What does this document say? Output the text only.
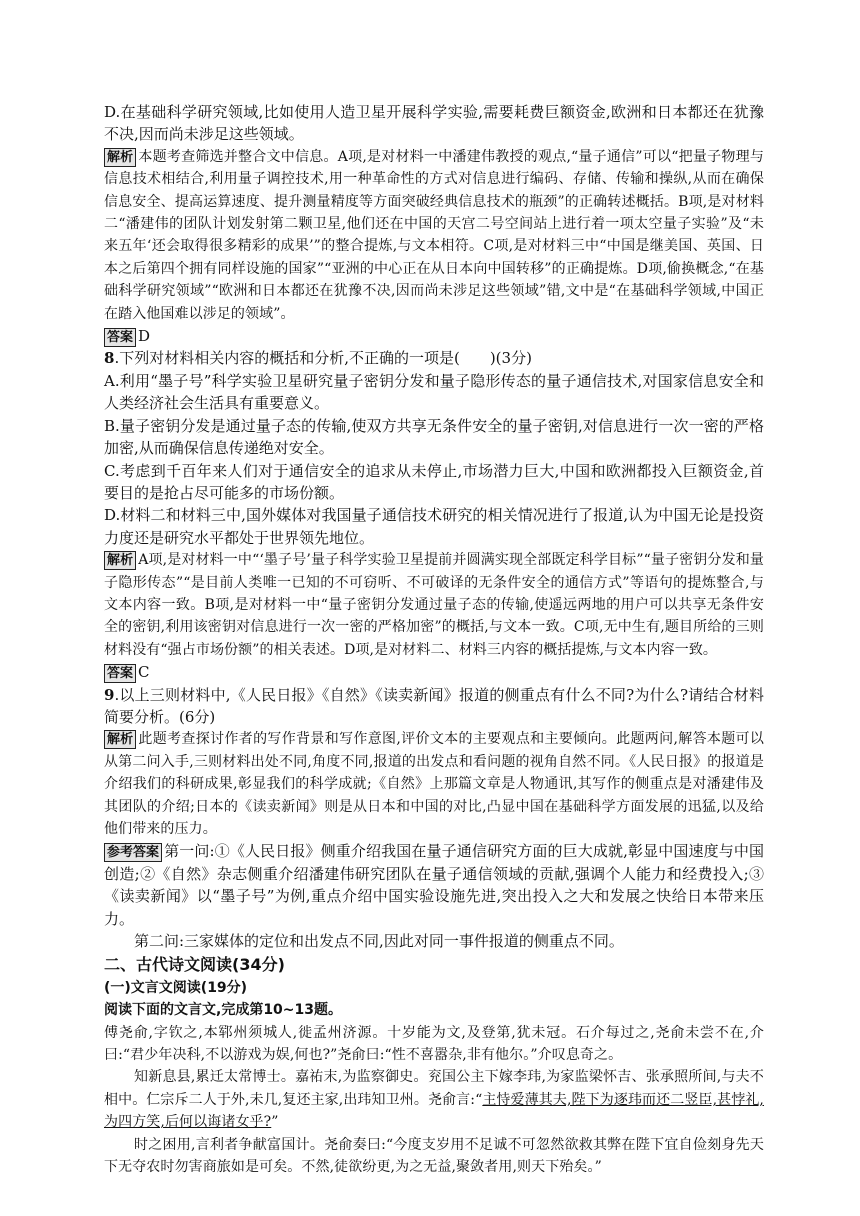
D.在基础科学研究领域,比如使用人造卫星开展科学实验,需要耗费巨额资金,欧洲和日本都还在犹豫不决,因而尚未涉足这些领域。

解析 本题考查筛选并整合文中信息。A项,是对材料一中潘建伟教授的观点,“量子通信”可以“把量子物理与信息技术相结合,利用量子调控技术,用一种革命性的方式对信息进行编码、存储、传输和操纵,从而在确保信息安全、提高运算速度、提升测量精度等方面突破经典信息技术的瓶颈”的正确转述概括。B项,是对材料二“潘建伟的团队计划发射第二颗卫星,他们还在中国的天宫二号空间站上进行着一项太空量子实验”及“未来五年‘还会取得很多精彩的成果’”的整合提炼,与文本相符。C项,是对材料三中“中国是继美国、英国、日本之后第四个拥有同样设施的国家”“亚洲的中心正在从日本向中国转移”的正确提炼。D项,偷换概念,“在基础科学研究领域”“欧洲和日本都还在犹豫不决,因而尚未涉足这些领域”错,文中是“在基础科学领域,中国正在踏入他国难以涉足的领域”。

答案 D

8.下列对材料相关内容的概括和分析,不正确的一项是(　　)(3分)

A.利用“墨子号”科学实验卫星研究量子密钥分发和量子隐形传态的量子通信技术,对国家信息安全和人类经济社会生活具有重要意义。

B.量子密钥分发是通过量子态的传输,使双方共享无条件安全的量子密钥,对信息进行一次一密的严格加密,从而确保信息传递绝对安全。

C.考虑到千百年来人们对于通信安全的追求从未停止,市场潜力巨大,中国和欧洲都投入巨额资金,首要目的是抢占尽可能多的市场份额。

D.材料二和材料三中,国外媒体对我国量子通信技术研究的相关情况进行了报道,认为中国无论是投资力度还是研究水平都处于世界领先地位。

解析 A项,是对材料一中“‘墨子号’量子科学实验卫星提前并圆满实现全部既定科学目标”“量子密钥分发和量子隐形传态”“是目前人类唯一已知的不可窃听、不可破译的无条件安全的通信方式”等语句的提炼整合,与文本内容一致。B项,是对材料一中“量子密钥分发通过量子态的传输,使遥远两地的用户可以共享无条件安全的密钥,利用该密钥对信息进行一次一密的严格加密”的概括,与文本一致。C项,无中生有,题目所给的三则材料没有“强占市场份额”的相关表述。D项,是对材料二、材料三内容的概括提炼,与文本内容一致。

答案 C

9.以上三则材料中,《人民日报》《自然》《读卖新闻》报道的侧重点有什么不同?为什么?请结合材料简要分析。(6分)

解析 此题考查探讨作者的写作背景和写作意图,评价文本的主要观点和主要倾向。此题两问,解答本题可以从第二问入手,三则材料出处不同,角度不同,报道的出发点和看问题的视角自然不同。《人民日报》的报道是介绍我们的科研成果,彰显我们的科学成就;《自然》上那篇文章是人物通讯,其写作的侧重点是对潘建伟及其团队的介绍;日本的《读卖新闻》则是从日本和中国的对比,凸显中国在基础科学方面发展的迅猛,以及给他们带来的压力。

参考答案 第一问:①《人民日报》侧重介绍我国在量子通信研究方面的巨大成就,彰显中国速度与中国创造;②《自然》杂志侧重介绍潘建伟研究团队在量子通信领域的贡献,强调个人能力和经费投入;③《读卖新闻》以“墨子号”为例,重点介绍中国实验设施先进,突出投入之大和发展之快给日本带来压力。

第二问:三家媒体的定位和出发点不同,因此对同一事件报道的侧重点不同。

二、古代诗文阅读(34分)

(一)文言文阅读(19分)

阅读下面的文言文,完成第10~13题。

傅尧俞,字钦之,本郓州须城人,徙孟州济源。十岁能为文,及登第,犹未冠。石介每过之,尧俞未尝不在,介曰:“君少年决科,不以游戏为娱,何也?”尧俞曰:“性不喜嚣杂,非有他尔。”介叹息奇之。

知新息县,累迁太常博士。嘉祐末,为监察御史。兖国公主下嫁李玮,为家监梁怀吉、张承照所间,与夫不相中。仁宗斥二人于外,未几,复还主家,出玮知卫州。尧俞言:“主恃爱薄其夫,陛下为逐玮而还二竖臣,甚悖礼,为四方笑,后何以诲诸女乎?”

时之困用,言利者争献富国计。尧俞奏曰:“今度支岁用不足诚不可忽然欲救其弊在陛下宜自俭刻身先天下无夺农时勿害商旅如是可矣。不然,徒欲纷更,为之无益,聚敛者用,则天下殆矣。”
